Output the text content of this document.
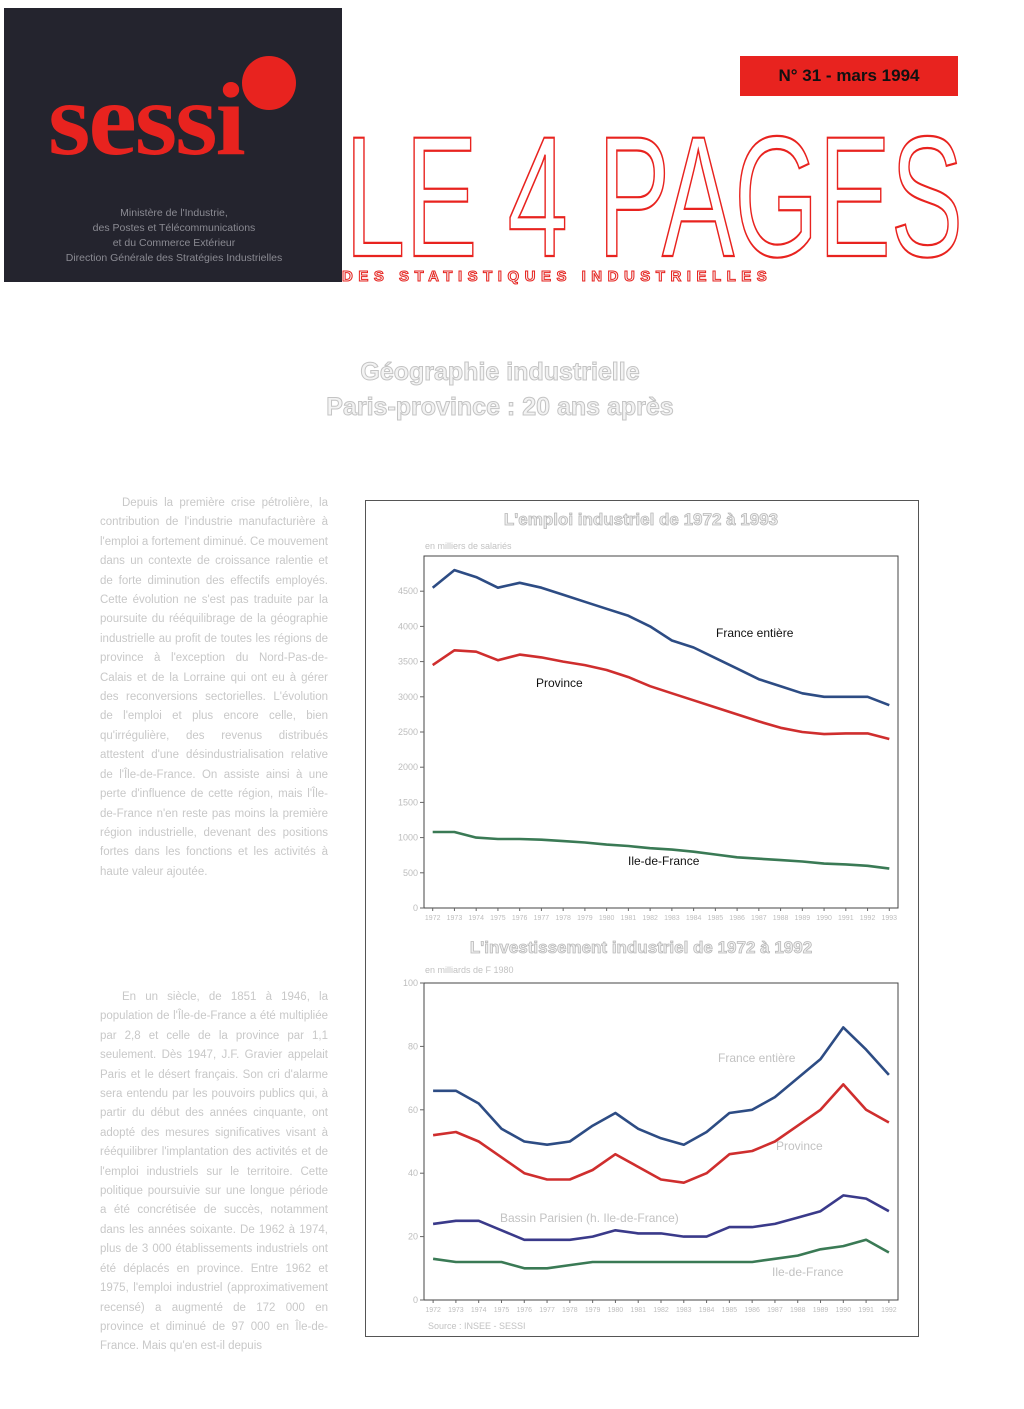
sessi
Ministère de l'Industrie,
des Postes et Télécommunications
et du Commerce Extérieur
Direction Générale des Stratégies Industrielles
N° 31 - mars 1994
LE 4 PAGES
DES STATISTIQUES INDUSTRIELLES
Géographie industrielle
Paris-province : 20 ans après

Depuis la première crise pétrolière, la contribution de l'industrie manufacturière à l'emploi a fortement diminué. Ce mouvement dans un contexte de croissance ralentie et de forte diminution des effectifs employés. Cette évolution ne s'est pas traduite par la poursuite du rééquilibrage de la géographie industrielle au profit de toutes les régions de province à l'exception du Nord-Pas-de-Calais et de la Lorraine qui ont eu à gérer des reconversions sectorielles. L'évolution de l'emploi et plus encore celle, bien qu'irrégulière, des revenus distribués attestent d'une désindustrialisation relative de l'Île-de-France. On assiste ainsi à une perte d'influence de cette région, mais l'Île-de-France n'en reste pas moins la première région industrielle, devenant des positions fortes dans les fonctions et les activités à haute valeur ajoutée.

En un siècle, de 1851 à 1946, la population de l'Île-de-France a été multipliée par 2,8 et celle de la province par 1,1 seulement. Dès 1947, J.F. Gravier appelait Paris et le désert français. Son cri d'alarme sera entendu par les pouvoirs publics qui, à partir du début des années cinquante, ont adopté des mesures significatives visant à rééquilibrer l'implantation des activités et de l'emploi industriels sur le territoire. Cette politique poursuivie sur une longue période a été concrétisée de succès, notamment dans les années soixante. De 1962 à 1974, plus de 3 000 établissements industriels ont été déplacés en province. Entre 1962 et 1975, l'emploi industriel (approximativement recensé) a augmenté de 172 000 en province et diminué de 97 000 en Île-de-France. Mais qu'en est-il depuis

L'emploi industriel de 1972 à 1993
L'investissement industriel de 1972 à 1992
en milliers de salariés
en milliards de F 1980
Source : INSEE - SESSI
0
500
1000
1500
2000
2500
3000
3500
4000
4500
1972 1973 1974 1975 1976 1977 1978 1979 1980 1981 1982 1983 1984 1985 1986 1987 1988 1989 1990 1991 1992 1993
France entière
Province
Ile-de-France
0
20
40
60
80
100
1972 1973 1974 1975 1976 1977 1978 1979 1980 1981 1982 1983 1984 1985 1986 1987 1988 1989 1990 1991 1992
France entière
Province
Bassin Parisien (h. Ile-de-France)
Ile-de-France
